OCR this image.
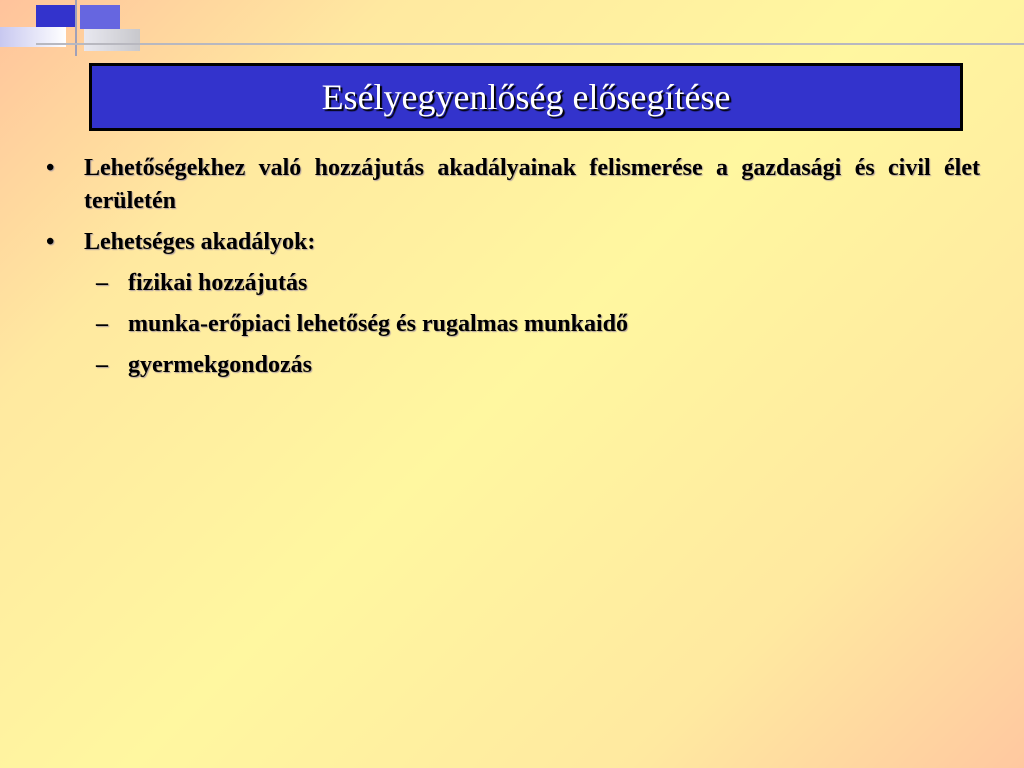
Esélyegyenlőség elősegítése
• Lehetőségekhez való hozzájutás akadályainak felismerése a gazdasági és civil élet területén
• Lehetséges akadályok:
– fizikai hozzájutás
– munka-erőpiaci lehetőség és rugalmas munkaidő
– gyermekgondozás
